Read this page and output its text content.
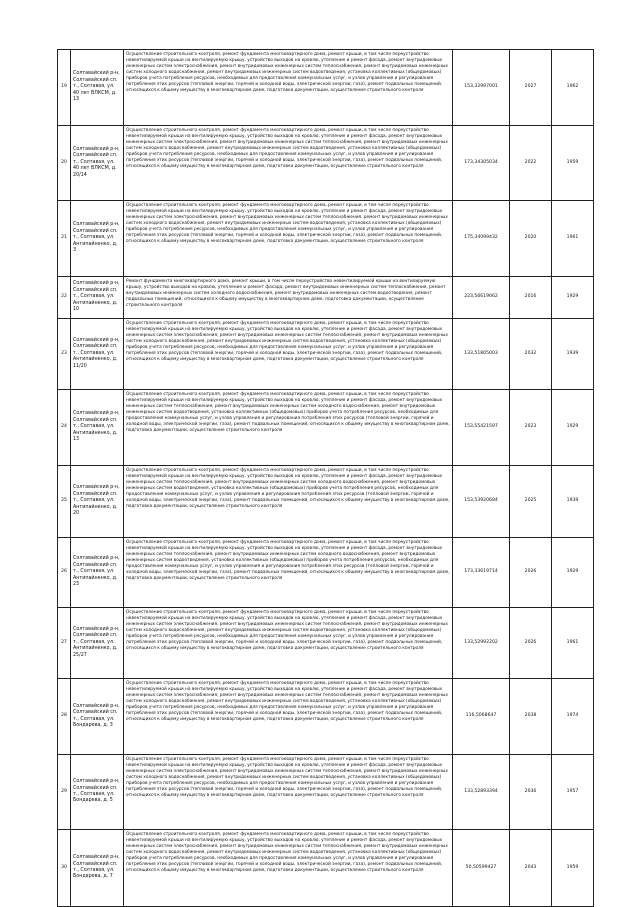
19	Солтавайский р-н, Солтавайский сп. т., Солтавая, ул. 40 лет ВЛКСМ, д. 13	Осуществление строительного контроля, ремонт фундамента многоквартирного дома, ремонт крыши, в том числе переустройство невентилируемой крыши на вентилируемую крышу, устройство выходов на кровлю, утепление и ремонт фасада, ремонт внутридомовых инженерных систем электроснабжения, ремонт внутридомовых инженерных систем теплоснабжения, ремонт внутридомовых инженерных систем холодного водоснабжения, ремонт внутридомовых инженерных систем водоотведения, установка коллективных (общедомовых) приборов учета потребления ресурсов, необходимых для предоставления коммунальных услуг, и узлов управления и регулирования потребления этих ресурсов (тепловой энергии, горячей и холодной воды, электрической энергии, газа), ремонт подвальных помещений, относящихся к общему имуществу в многоквартирном доме, подготовка документации, осуществление строительного контроля	153,32997001	2027	1962
20	Солтавайский р-н, Солтавайский сп. т., Солтавая, ул. 40 лет ВЛКСМ, д. 20/14	Осуществление строительного контроля, ремонт фундамента многоквартирного дома, ремонт крыши, в том числе переустройство невентилируемой крыши на вентилируемую крышу, устройство выходов на кровлю, утепление и ремонт фасада, ремонт внутридомовых инженерных систем электроснабжения, ремонт внутридомовых инженерных систем теплоснабжения, ремонт внутридомовых инженерных систем холодного водоснабжения, ремонт внутридомовых инженерных систем водоотведения, установка коллективных (общедомовых) приборов учета потребления ресурсов, необходимых для предоставления коммунальных услуг, и узлов управления и регулирования потребления этих ресурсов (тепловой энергии, горячей и холодной воды, электрической энергии, газа), ремонт подвальных помещений, относящихся к общему имуществу в многоквартирном доме, подготовка документации, осуществление строительного контроля	173,34305034	2022	1959
21	Солтавайский р-н, Солтавайский сп. т., Солтавая, ул. Антипайненко, д. 3	Осуществление строительного контроля, ремонт фундамента многоквартирного дома, ремонт крыши, в том числе переустройство невентилируемой крыши на вентилируемую крышу, устройство выходов на кровлю, утепление и ремонт фасада, ремонт внутридомовых инженерных систем электроснабжения, ремонт внутридомовых инженерных систем теплоснабжения, ремонт внутридомовых инженерных систем холодного водоснабжения, ремонт внутридомовых инженерных систем водоотведения, установка коллективных (общедомовых) приборов учета потребления ресурсов, необходимых для предоставления коммунальных услуг, и узлов управления и регулирования потребления этих ресурсов (тепловой энергии, горячей и холодной воды, электрической энергии, газа), ремонт подвальных помещений, относящихся к общему имуществу в многоквартирном доме, подготовка документации, осуществление строительного контроля	175,34099432	2020	1961
22	Солтавайский р-н, Солтавайский сп. т., Солтавая, ул. Антипайненко, д. 10	Ремонт фундамента многоквартирного дома, ремонт крыши, в том числе переустройство невентилируемой крыши на вентилируемую крышу, устройство выходов на кровлю, утепление и ремонт фасада, ремонт внутридомовых инженерных систем теплоснабжения, ремонт внутридомовых инженерных систем холодного водоснабжения, ремонт внутридомовых инженерных систем водоотведения, ремонт подвальных помещений, относящихся к общему имуществу в многоквартирном доме, подготовка документации, осуществление строительного контроля	223,56619062	2016	1929
23	Солтавайский р-н, Солтавайский сп. т., Солтавая, ул. Антипайненко, д. 11/20	Осуществление строительного контроля, ремонт фундамента многоквартирного дома, ремонт крыши, в том числе переустройство невентилируемой крыши на вентилируемую крышу, устройство выходов на кровлю, утепление и ремонт фасада, ремонт внутридомовых инженерных систем электроснабжения, ремонт внутридомовых инженерных систем теплоснабжения, ремонт внутридомовых инженерных систем холодного водоснабжения, ремонт внутридомовых инженерных систем водоотведения, установка коллективных (общедомовых) приборов учета потребления ресурсов, необходимых для предоставления коммунальных услуг, и узлов управления и регулирования потребления этих ресурсов (тепловой энергии, горячей и холодной воды, электрической энергии, газа), ремонт подвальных помещений, относящихся к общему имуществу в многоквартирном доме, подготовка документации, осуществление строительного контроля	133,51805003	2032	1939
24	Солтавайский р-н, Солтавайский сп. т., Солтавая, ул. Антипайненко, д. 13	Осуществление строительного контроля, ремонт фундамента многоквартирного дома, ремонт крыши, в том числе переустройство невентилируемой крыши на вентилируемую крышу, устройство выходов на кровлю, утепление и ремонт фасада, ремонт внутридомовых инженерных систем теплоснабжения, ремонт внутридомовых инженерных систем холодного водоснабжения, ремонт внутридомовых инженерных систем водоотведения, установка коллективных (общедомовых) приборов учета потребления ресурсов, необходимых для предоставления коммунальных услуг, и узлов управления и регулирования потребления этих ресурсов (тепловой энергии, горячей и холодной воды, электрической энергии, газа), ремонт подвальных помещений, относящихся к общему имуществу в многоквартирном доме, подготовка документации, осуществление строительного контроля	153,55421597	2023	1929
25	Солтавайский р-н, Солтавайский сп. т., Солтавая, ул. Антипайненко, д. 20	Осуществление строительного контроля, ремонт фундамента многоквартирного дома, ремонт крыши, в том числе переустройство невентилируемой крыши на вентилируемую крышу, устройство выходов на кровлю, утепление и ремонт фасада, ремонт внутридомовых инженерных систем теплоснабжения, ремонт внутридомовых инженерных систем холодного водоснабжения, ремонт внутридомовых инженерных систем водоотведения, установка коллективных (общедомовых) приборов учета потребления ресурсов, необходимых для предоставления коммунальных услуг, и узлов управления и регулирования потребления этих ресурсов (тепловой энергии, горячей и холодной воды, электрической энергии, газа), ремонт подвальных помещений, относящихся к общему имуществу в многоквартирном доме, подготовка документации, осуществление строительного контроля	153,53920684	2025	1939
26	Солтавайский р-н, Солтавайский сп. т., Солтавая, ул. Антипайненко, д. 23	Осуществление строительного контроля, ремонт фундамента многоквартирного дома, ремонт крыши, в том числе переустройство невентилируемой крыши на вентилируемую крышу, устройство выходов на кровлю, утепление и ремонт фасада, ремонт внутридомовых инженерных систем теплоснабжения, ремонт внутридомовых инженерных систем холодного водоснабжения, ремонт внутридомовых инженерных систем водоотведения, установка коллективных (общедомовых) приборов учета потребления ресурсов, необходимых для предоставления коммунальных услуг, и узлов управления и регулирования потребления этих ресурсов (тепловой энергии, горячей и холодной воды, электрической энергии, газа), ремонт подвальных помещений, относящихся к общему имуществу в многоквартирном доме, подготовка документации, осуществление строительного контроля	173,33619714	2026	1929
27	Солтавайский р-н, Солтавайский сп. т., Солтавая, ул. Антипайненко, д. 25/27	Осуществление строительного контроля, ремонт фундамента многоквартирного дома, ремонт крыши, в том числе переустройство невентилируемой крыши на вентилируемую крышу, устройство выходов на кровлю, утепление и ремонт фасада, ремонт внутридомовых инженерных систем электроснабжения, ремонт внутридомовых инженерных систем теплоснабжения, ремонт внутридомовых инженерных систем холодного водоснабжения, ремонт внутридомовых инженерных систем водоотведения, установка коллективных (общедомовых) приборов учета потребления ресурсов, необходимых для предоставления коммунальных услуг, и узлов управления и регулирования потребления этих ресурсов (тепловой энергии, горячей и холодной воды, электрической энергии, газа), ремонт подвальных помещений, относящихся к общему имуществу в многоквартирном доме, подготовка документации, осуществление строительного контроля	133,52992202	2026	1961
28	Солтавайский р-н, Солтавайский сп. т., Солтавая, ул. Бондарева, д. 3	Осуществление строительного контроля, ремонт фундамента многоквартирного дома, ремонт крыши, в том числе переустройство невентилируемой крыши на вентилируемую крышу, устройство выходов на кровлю, утепление и ремонт фасада, ремонт внутридомовых инженерных систем электроснабжения, ремонт внутридомовых инженерных систем теплоснабжения, ремонт внутридомовых инженерных систем холодного водоснабжения, ремонт внутридомовых инженерных систем водоотведения, установка коллективных (общедомовых) приборов учета потребления ресурсов, необходимых для предоставления коммунальных услуг, и узлов управления и регулирования потребления этих ресурсов (тепловой энергии, горячей и холодной воды, электрической энергии, газа), ремонт подвальных помещений, относящихся к общему имуществу в многоквартирном доме, подготовка документации, осуществление строительного контроля	116,5068647	2038	1974
29	Солтавайский р-н, Солтавайский сп. т., Солтавая, ул. Бондарева, д. 5	Осуществление строительного контроля, ремонт фундамента многоквартирного дома, ремонт крыши, в том числе переустройство невентилируемой крыши на вентилируемую крышу, устройство выходов на кровлю, утепление и ремонт фасада, ремонт внутридомовых инженерных систем электроснабжения, ремонт внутридомовых инженерных систем теплоснабжения, ремонт внутридомовых инженерных систем холодного водоснабжения, ремонт внутридомовых инженерных систем водоотведения, установка коллективных (общедомовых) приборов учета потребления ресурсов, необходимых для предоставления коммунальных услуг, и узлов управления и регулирования потребления этих ресурсов (тепловой энергии, горячей и холодной воды, электрической энергии, газа), ремонт подвальных помещений, относящихся к общему имуществу в многоквартирном доме, подготовка документации, осуществление строительного контроля	133,52893394	2036	1957
30	Солтавайский р-н, Солтавайский сп. т., Солтавая, ул. Бондарева, д. 7	Осуществление строительного контроля, ремонт фундамента многоквартирного дома, ремонт крыши, в том числе переустройство невентилируемой крыши на вентилируемую крышу, устройство выходов на кровлю, утепление и ремонт фасада, ремонт внутридомовых инженерных систем электроснабжения, ремонт внутридомовых инженерных систем теплоснабжения, ремонт внутридомовых инженерных систем холодного водоснабжения, ремонт внутридомовых инженерных систем водоотведения, установка коллективных (общедомовых) приборов учета потребления ресурсов, необходимых для предоставления коммунальных услуг, и узлов управления и регулирования потребления этих ресурсов (тепловой энергии, горячей и холодной воды, электрической энергии, газа), ремонт подвальных помещений, относящихся к общему имуществу в многоквартирном доме, подготовка документации, осуществление строительного контроля	50,50599427	2043	1959
